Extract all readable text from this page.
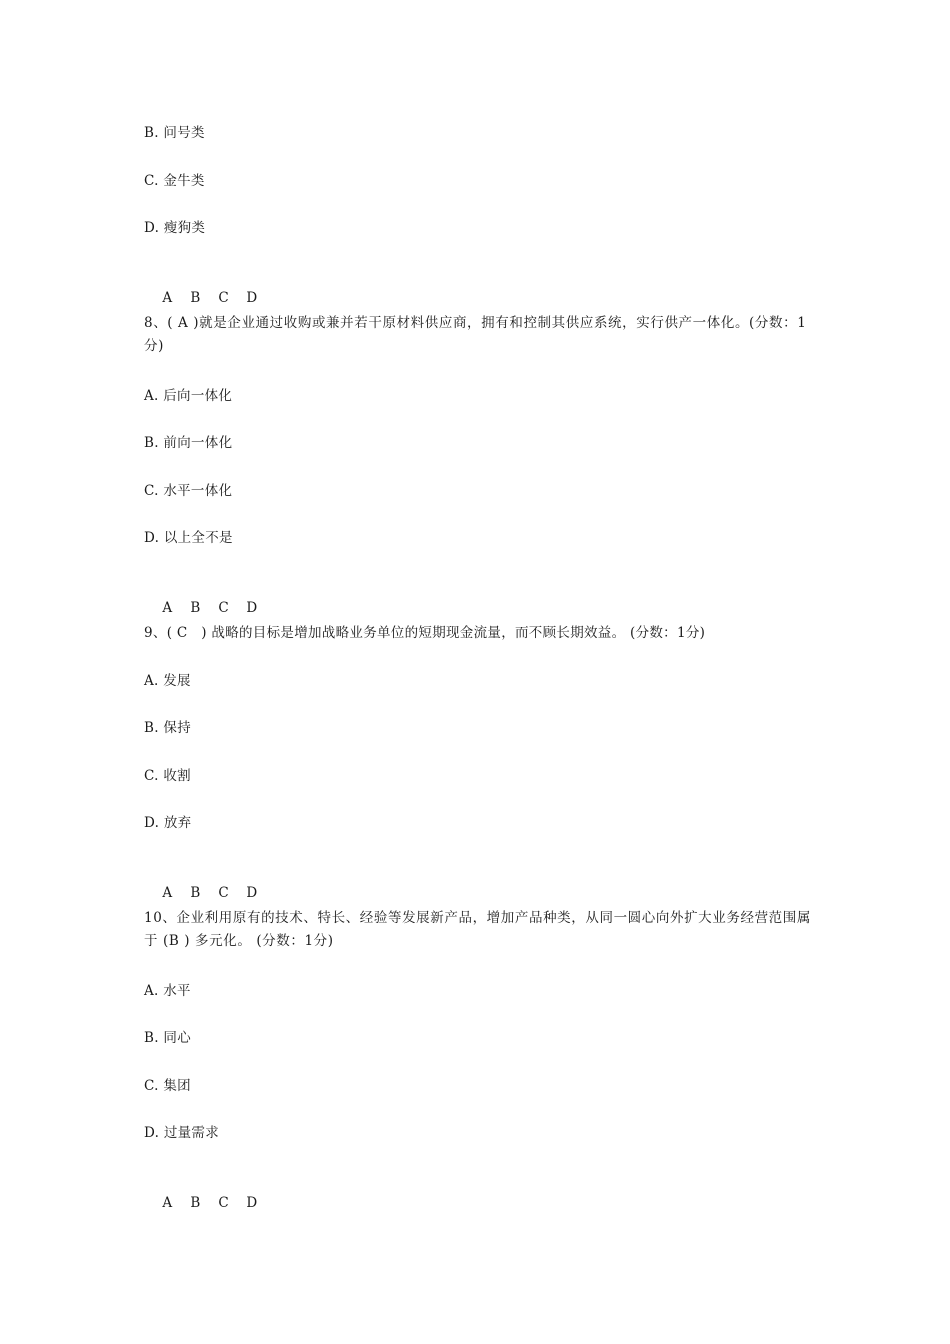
B. 问号类
C. 金牛类
D. 瘦狗类

A B C D

8、( A )就是企业通过收购或兼并若干原材料供应商，拥有和控制其供应系统，实行供产一体化。(分数：1分)
A. 后向一体化
B. 前向一体化
C. 水平一体化
D. 以上全不是

A B C D

9、( C   ) 战略的目标是增加战略业务单位的短期现金流量，而不顾长期效益。 (分数：1分)
A. 发展
B. 保持
C. 收割
D. 放弃

A B C D

10、企业利用原有的技术、特长、经验等发展新产品，增加产品种类，从同一圆心向外扩大业务经营范围属于 (B ) 多元化。 (分数：1分)
A. 水平
B. 同心
C. 集团
D. 过量需求

A B C D
